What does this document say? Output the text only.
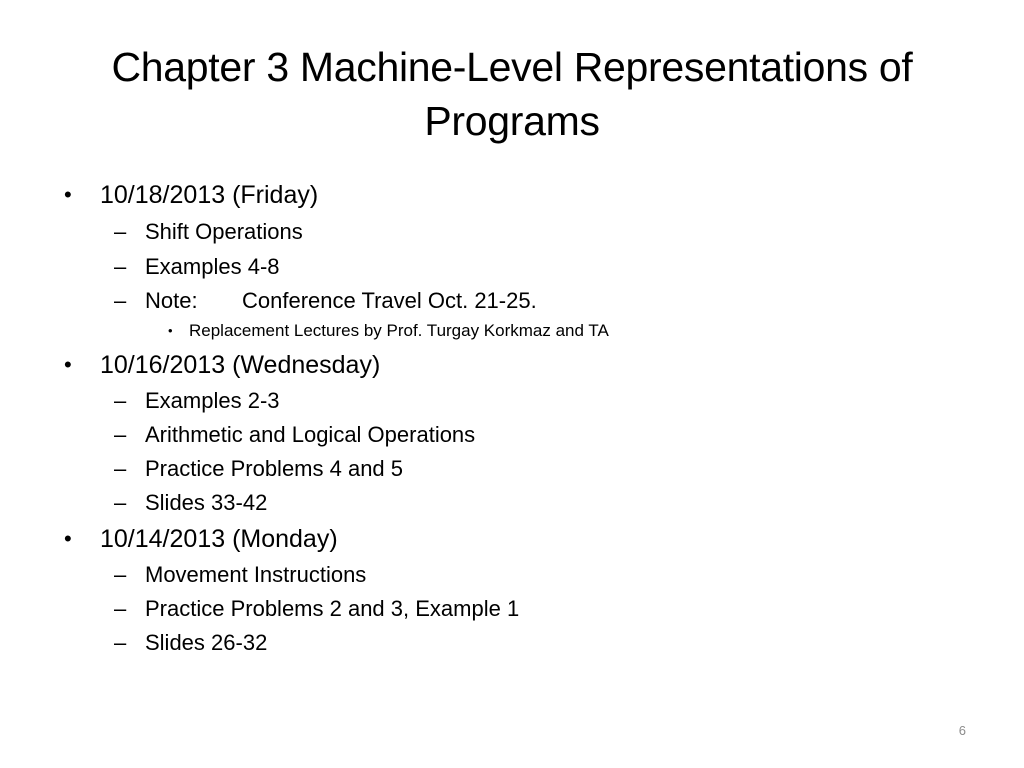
Chapter 3 Machine-Level Representations of Programs
• 10/18/2013 (Friday)
– Shift Operations
– Examples 4-8
– Note: Conference Travel Oct. 21-25.
• Replacement Lectures by Prof. Turgay Korkmaz and TA
• 10/16/2013 (Wednesday)
– Examples 2-3
– Arithmetic and Logical Operations
– Practice Problems 4 and 5
– Slides 33-42
• 10/14/2013 (Monday)
– Movement Instructions
– Practice Problems 2 and 3, Example 1
– Slides 26-32
6
